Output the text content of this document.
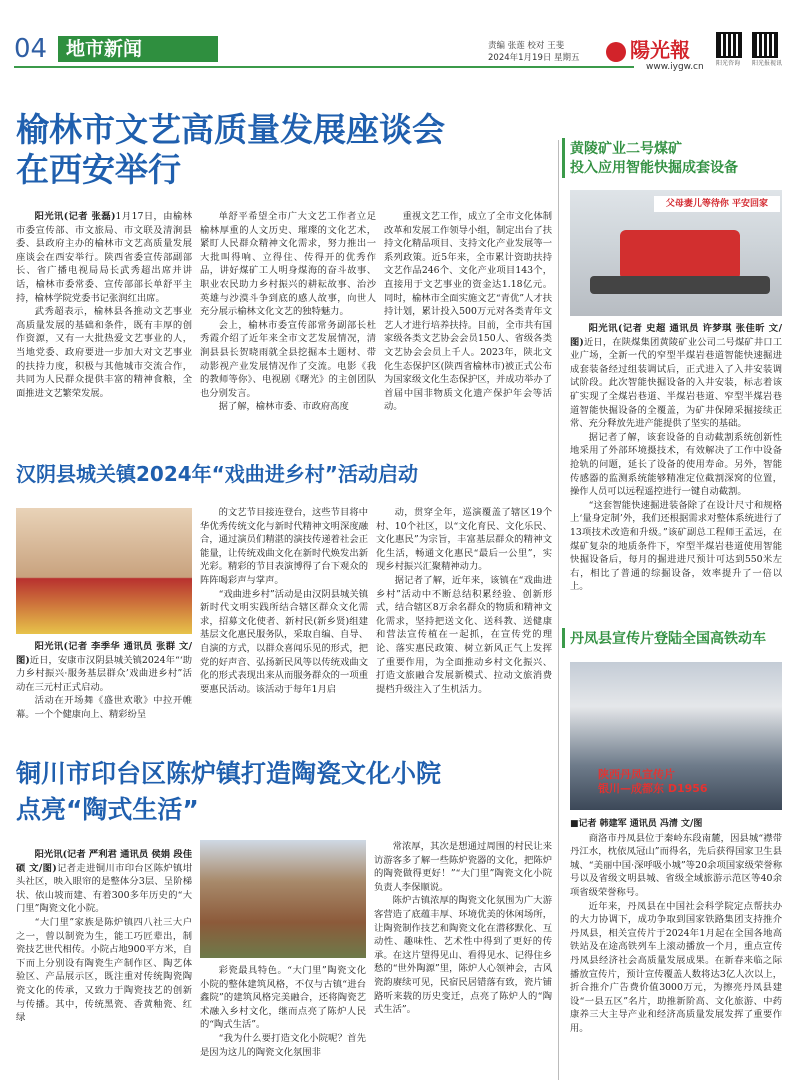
04 地市新闻	责编 张莲 校对 王斐
2024年1月19日 星期五	陽光報
www.iygw.cn 阳光咨询	阳光报视讯
榆林市文艺高质量发展座谈会
在西安举行

阳光讯(记者 张磊)1月17日，由榆林市委宣传部、市文旅局、市文联及清涧县委、县政府主办的榆林市文艺高质量发展座谈会在西安举行。陕西省委宣传部副部长、省广播电视局局长武秀超出席并讲话，榆林市委常委、宣传部部长单舒平主持，榆林学院党委书记张润红出席。

武秀超表示，榆林县各推动文艺事业高质量发展的基础和条件，既有丰厚的创作资源，又有一大批热爱文艺事业的人，当地党委、政府要进一步加大对文艺事业的扶持力度，积极与其他城市交流合作，共同为人民群众提供丰富的精神食粮，全面推进文艺繁荣发展。

单舒平希望全市广大文艺工作者立足榆林厚重的人文历史、璀璨的文化艺术，紧盯人民群众精神文化需求，努力推出一大批叫得响、立得住、传得开的优秀作品，讲好煤矿工人明身煤海的奋斗故事、职业农民助力乡村振兴的耕耘故事、治沙英雄与沙漠斗争到底的感人故事，向世人充分展示榆林文化文艺的独特魅力。

会上，榆林市委宣传部常务副部长杜秀霞介绍了近年来全市文艺发展情况，清涧县县长贺晓雨就全县挖掘本土题材、带动影视产业发展情况作了交流。电影《我的教师等你》、电视剧《曙光》的主创团队也分别发言。

据了解，榆林市委、市政府高度

重视文艺工作，成立了全市文化体制改革和发展工作领导小组，制定出台了扶持文化精品项目、支持文化产业发展等一系列政策。近5年来，全市累计资助扶持文艺作品246个、文化产业项目143个，直接用于文艺事业的资金达1.18亿元。同时，榆林市全面实施文艺“青优”人才扶持计划，累计投入500万元对各类青年文艺人才进行培养扶持。目前，全市共有国家级各类文艺协会会员150人、省级各类文艺协会会员上千人。2023年，陕北文化生态保护区(陕西省榆林市)被正式公布为国家级文化生态保护区，并成功举办了首届中国非物质文化遗产保护年会等活动。

汉阴县城关镇2024年“戏曲进乡村”活动启动

阳光讯(记者 李季华 通讯员 张群 文/图)近日，安康市汉阴县城关镇2024年“‘助力乡村振兴·服务基层群众’戏曲进乡村”活动在三元村正式启动。

活动在开场舞《盛世欢歌》中拉开帷幕。一个个健康向上、精彩纷呈

的文艺节目接连登台，这些节目将中华优秀传统文化与新时代精神文明深度融合，通过演员们精湛的演技传递着社会正能量，让传统戏曲文化在新时代焕发出新光彩。精彩的节目表演博得了台下观众的阵阵喝彩声与掌声。

“戏曲进乡村”活动是由汉阴县城关镇新时代文明实践所结合辖区群众文化需求，招募文化使者、新村民(新乡贤)组建基层文化惠民服务队，采取自编、自导、自演的方式，以群众喜闻乐见的形式，把党的好声音、弘扬新民风等以传统戏曲文化的形式表现出来从而服务群众的一项重要惠民活动。该活动于每年1月启

动，贯穿全年，巡演覆盖了辖区19个村、10个社区，以“文化育民、文化乐民、文化惠民”为宗旨，丰富基层群众的精神文化生活，畅通文化惠民“最后一公里”，实现乡村振兴汇聚精神动力。

据记者了解，近年来，该镇在“戏曲进乡村”活动中不断总结积累经验、创新形式，结合辖区8万余名群众的物质和精神文化需求，坚持把送文化、送科教、送健康和营法宣传植在一起抓，在宣传党的理论、落实惠民政策、树立新风正气上发挥了重要作用，为全面推动乡村文化振兴、打造文旅融合发展新模式、拉动文旅消费提档升级注入了生机活力。

铜川市印台区陈炉镇打造陶瓷文化小院
点亮“陶式生活”

阳光讯(记者 严利君 通讯员 侯娟 段佳硕 文/图)记者走进铜川市印台区陈炉镇坩头社区，映入眼帘的是整体分3层、呈阶梯状、依山坡而建、有着300多年历史的“大门里”陶瓷文化小院。

“大门里”家族是陈炉镇四八社三大户之一，曾以制瓷为生，能工巧匠辈出，制瓷技艺世代相传。小院占地900平方米，自下而上分别设有陶瓷生产制作区、陶艺体验区、产品展示区，既注重对传统陶瓷陶瓷文化的传承，又致力于陶瓷技艺的创新与传播。其中，传统黑瓷、香黄釉瓷、红绿

彩瓷最具特色。“大门里”陶瓷文化小院的整体建筑风格，不仅与古镇“进台鑫院”的建筑风格完美融合，还将陶瓷艺术融入乡村文化，继而点亮了陈炉人民的“陶式生活”。

“我为什么要打造文化小院呢？首先是因为这儿的陶瓷文化氛围非

常浓厚，其次是想通过周围的村民让来访游客多了解一些陈炉瓷器的文化，把陈炉的陶瓷做得更好！”“大门里”陶瓷文化小院负责人李保顺说。

陈炉古镇浓厚的陶瓷文化氛围为广大游客营造了底蕴丰厚、环境优美的休闲场所，让陶瓷制作技艺和陶瓷文化在潜移默化、互动性、趣味性、艺术性中得到了更好的传承。在这片望得见山、看得见水、记得住乡愁的“世外陶源”里，陈炉人心领神会，古风瓷韵赓续可见，民宿民居错落有致，瓷片铺路听来载的历史变迁，点亮了陈炉人的“陶式生活”。

黄陵矿业二号煤矿
投入应用智能快掘成套设备
父母妻儿等待你 平安回家

阳光讯(记者 史超 通讯员 许梦琪 张佳昕 文/图)近日，在陕煤集团黄陵矿业公司二号煤矿井口工业广场，全新一代的窄型半煤岩巷道智能快速掘进成套装备经过组装调试后，正式进入了入井安装调试阶段。此次智能快掘设备的入井安装，标志着该矿实现了全煤岩巷道、半煤岩巷道、窄型半煤岩巷道智能快掘设备的全覆盖，为矿井保障采掘接续正常、充分释放先进产能提供了坚实的基础。

据记者了解，该套设备的自动截割系统创新性地采用了外部环境摄技术，有效解决了工作中设备抢轨的问题，延长了设备的使用寿命。另外，智能传感器的监测系统能够精准定位截割深窝的位置，操作人员可以远程遥控进行一键自动截割。

“这套智能快速掘进装备除了在设计尺寸和规格上‘量身定制’外，我们还根据需求对整体系统进行了13项技术改造和升级。”该矿副总工程师王孟远，在煤矿复杂的地质条件下，窄型半煤岩巷道使用智能快掘设备后，每月的掘进进尺预计可达到550米左右，相比了普通的综掘设备，效率提升了一倍以上。

丹凤县宣传片登陆全国高铁动车
陕西丹凤宣传片
银川—成都东 D1956
■记者 韩建军 通讯员 冯清 文/图

商洛市丹凤县位于秦岭东段南麓，因县城“襟带丹江水，枕依凤冠山”而得名，先后获得国家卫生县城、“美丽中国·深呼吸小城”等20余项国家级荣誉称号以及省级文明县城、省级全域旅游示范区等40余项省级荣誉称号。

近年来，丹凤县在中国社会科学院定点帮扶办的大力协调下，成功争取到国家铁路集团支持推介丹凤县，相关宣传片于2024年1月起在全国各地高铁站及在途高铁列车上滚动播放一个月，重点宣传丹凤县经济社会高质量发展成果。在新春来临之际播放宣传片，预计宣传覆盖人数将达3亿人次以上，折合推介广告费价值3000万元，为擦亮丹凤县建设“一县五区”名片，助推新阶高、文化旅游、中药康养三大主导产业和经济高质量发展发挥了重要作用。
